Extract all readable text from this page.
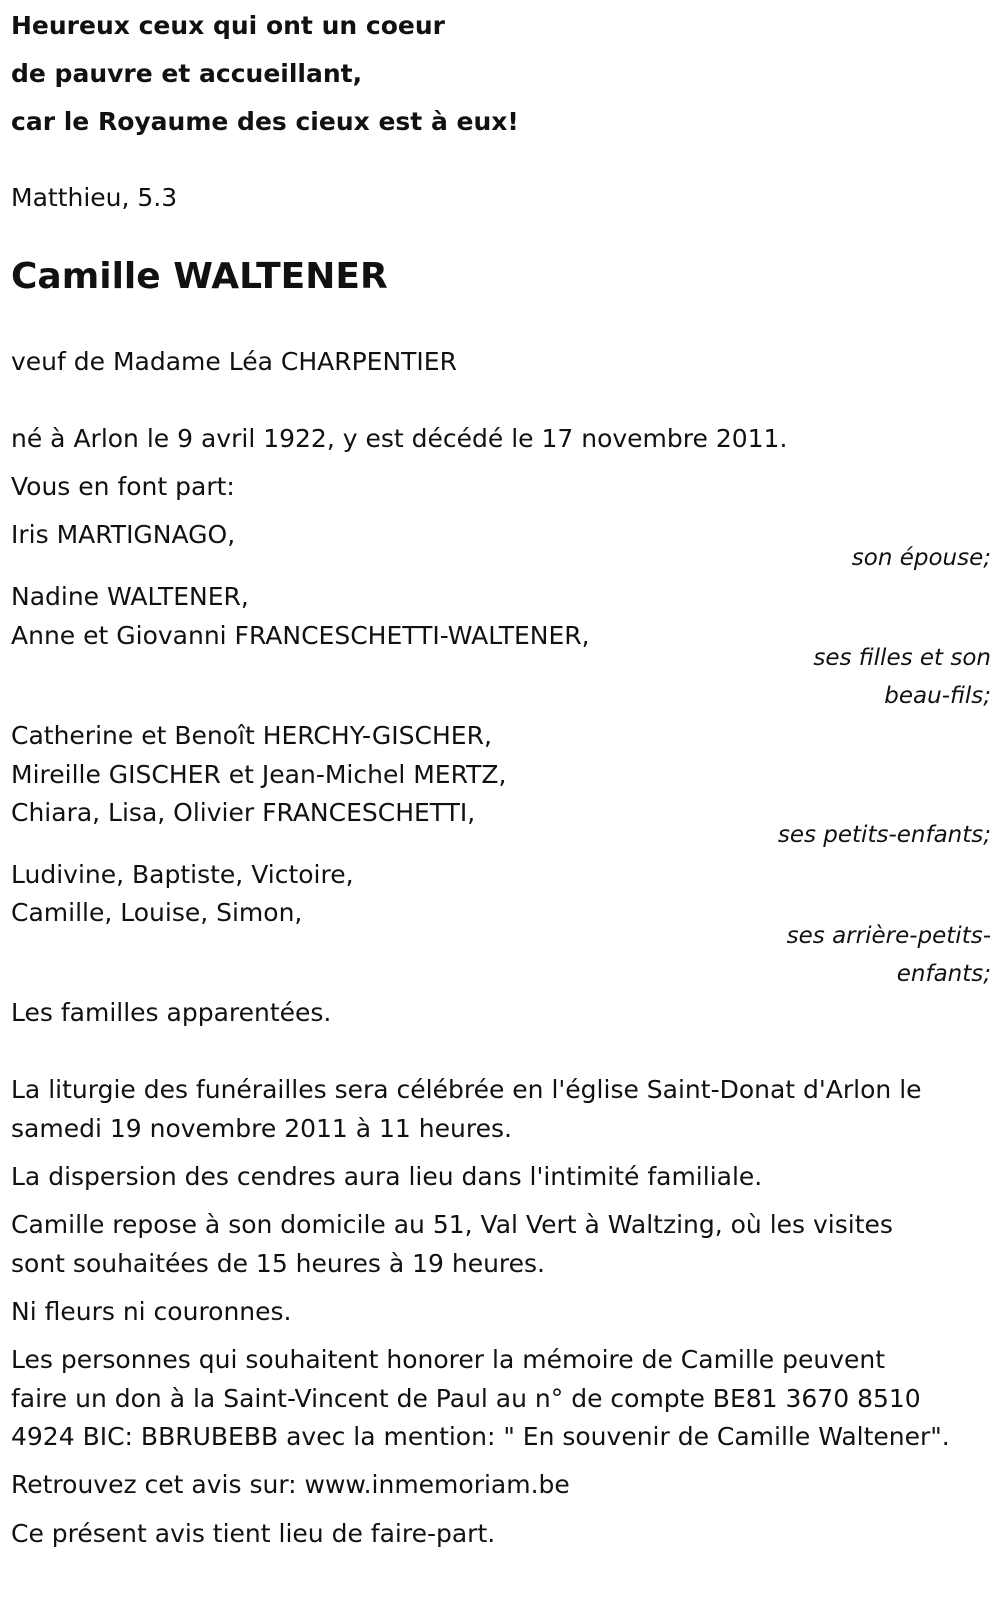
Heureux ceux qui ont un coeur
de pauvre et accueillant,
car le Royaume des cieux est à eux!
Matthieu, 5.3
Camille WALTENER
veuf de Madame Léa CHARPENTIER
né à Arlon le 9 avril 1922, y est décédé le 17 novembre 2011.
Vous en font part:
Iris MARTIGNAGO,
son épouse;
Nadine WALTENER,
Anne et Giovanni FRANCESCHETTI-WALTENER,
ses filles et son
beau-fils;
Catherine et Benoît HERCHY-GISCHER,
Mireille GISCHER et Jean-Michel MERTZ,
Chiara, Lisa, Olivier FRANCESCHETTI,
ses petits-enfants;
Ludivine, Baptiste, Victoire,
Camille, Louise, Simon,
ses arrière-petits-
enfants;
Les familles apparentées.
La liturgie des funérailles sera célébrée en l'église Saint-Donat d'Arlon le
samedi 19 novembre 2011 à 11 heures.
La dispersion des cendres aura lieu dans l'intimité familiale.
Camille repose à son domicile au 51, Val Vert à Waltzing, où les visites
sont souhaitées de 15 heures à 19 heures.
Ni fleurs ni couronnes.
Les personnes qui souhaitent honorer la mémoire de Camille peuvent
faire un don à la Saint-Vincent de Paul au n° de compte BE81 3670 8510
4924 BIC: BBRUBEBB avec la mention: " En souvenir de Camille Waltener".
Retrouvez cet avis sur: www.inmemoriam.be
Ce présent avis tient lieu de faire-part.
